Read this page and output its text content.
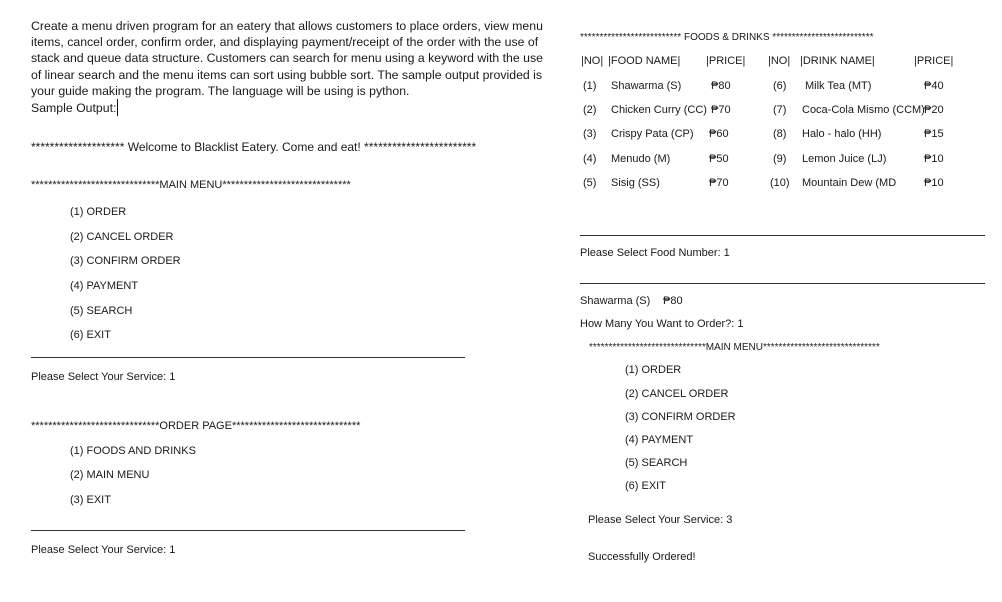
Create a menu driven program for an eatery that allows customers to place orders, view menu
items, cancel order, confirm order, and displaying payment/receipt of the order with the use of
stack and queue data structure. Customers can search for menu using a keyword with the use
of linear search and the menu items can sort using bubble sort. The sample output provided is
your guide making the program. The language will be using is python.
Sample Output:
******************** Welcome to Blacklist Eatery. Come and eat! ************************
******************************MAIN MENU******************************
(1) ORDER
(2) CANCEL ORDER
(3) CONFIRM ORDER
(4) PAYMENT
(5) SEARCH
(6) EXIT
Please Select Your Service: 1
******************************ORDER PAGE******************************
(1) FOODS AND DRINKS
(2) MAIN MENU
(3) EXIT
Please Select Your Service: 1
************************** FOODS & DRINKS **************************
|NO| |FOOD NAME| |PRICE| |NO| |DRINK NAME|	|PRICE|
(1) Shawarma (S)	₱80	(6) Milk Tea (MT)	₱40
(2) Chicken Curry (CC) ₱70	(7) Coca-Cola Mismo (CCM) ₱20
(3) Crispy Pata (CP) ₱60	(8) Halo - halo (HH)	₱15
(4) Menudo (M)	₱50	(9) Lemon Juice (LJ)	₱10
(5) Sisig (SS)	₱70	(10) Mountain Dew (MD	₱10
Please Select Food Number: 1
Shawarma (S) ₱80
How Many You Want to Order?: 1
******************************MAIN MENU******************************
(1) ORDER
(2) CANCEL ORDER
(3) CONFIRM ORDER
(4) PAYMENT
(5) SEARCH
(6) EXIT
Please Select Your Service: 3
Successfully Ordered!
